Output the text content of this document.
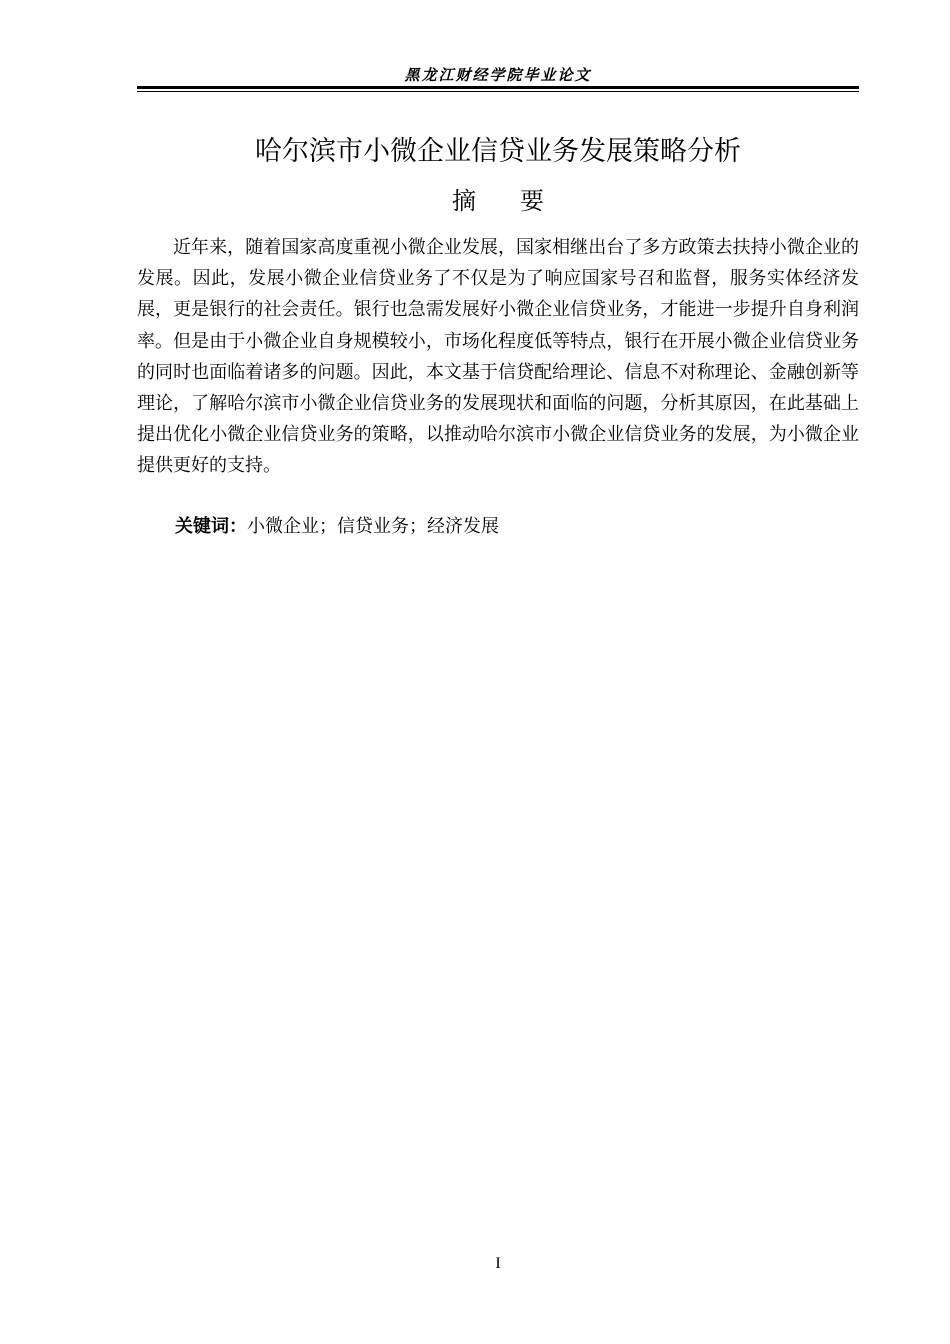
黑龙江财经学院毕业论文
哈尔滨市小微企业信贷业务发展策略分析
摘要

近年来，随着国家高度重视小微企业发展，国家相继出台了多方政策去扶持小微企业的发展。因此，发展小微企业信贷业务了不仅是为了响应国家号召和监督，服务实体经济发展，更是银行的社会责任。银行也急需发展好小微企业信贷业务，才能进一步提升自身利润率。但是由于小微企业自身规模较小，市场化程度低等特点，银行在开展小微企业信贷业务的同时也面临着诸多的问题。因此，本文基于信贷配给理论、信息不对称理论、金融创新等理论，了解哈尔滨市小微企业信贷业务的发展现状和面临的问题，分析其原因，在此基础上提出优化小微企业信贷业务的策略，以推动哈尔滨市小微企业信贷业务的发展，为小微企业提供更好的支持。

关键词：小微企业；信贷业务；经济发展
I
